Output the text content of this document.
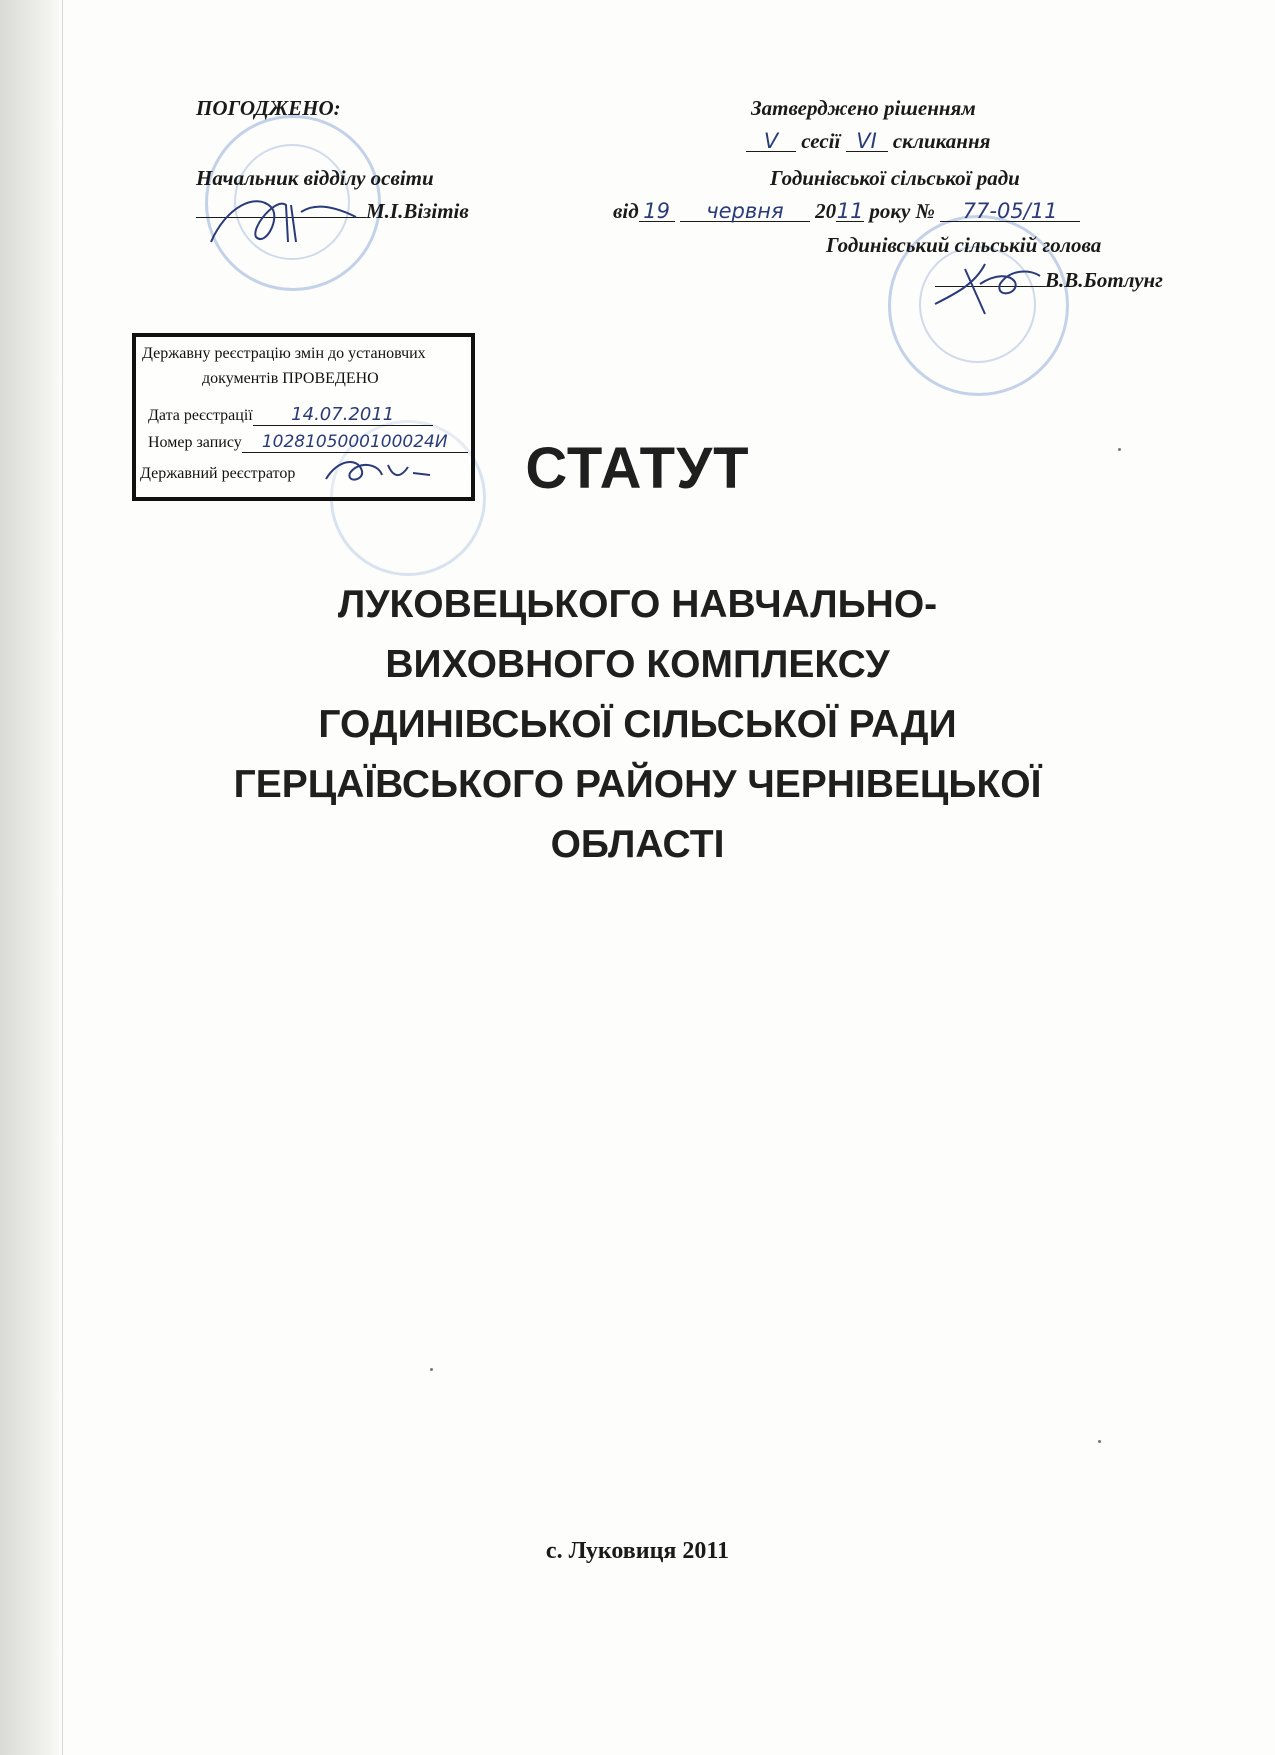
ПОГОДЖЕНО:
Начальник відділу освіти
М.І.Візітів
Затверджено рішенням
V сесії VI скликання
Годинівської сільської ради
від 19 червня 2011 року № 77-05/11
Годинівський сільській голова
В.В.Ботлунг
Державну реєстрацію змін до установчих
документів ПРОВЕДЕНО
Дата реєстрації 14.07.2011
Номер запису 1028105000100024И
Державний реєстратор	СТАТУТ
ЛУКОВЕЦЬКОГО НАВЧАЛЬНО-
ВИХОВНОГО КОМПЛЕКСУ
ГОДИНІВСЬКОЇ СІЛЬСЬКОЇ РАДИ
ГЕРЦАЇВСЬКОГО РАЙОНУ ЧЕРНІВЕЦЬКОЇ
ОБЛАСТІ
с. Луковиця 2011
